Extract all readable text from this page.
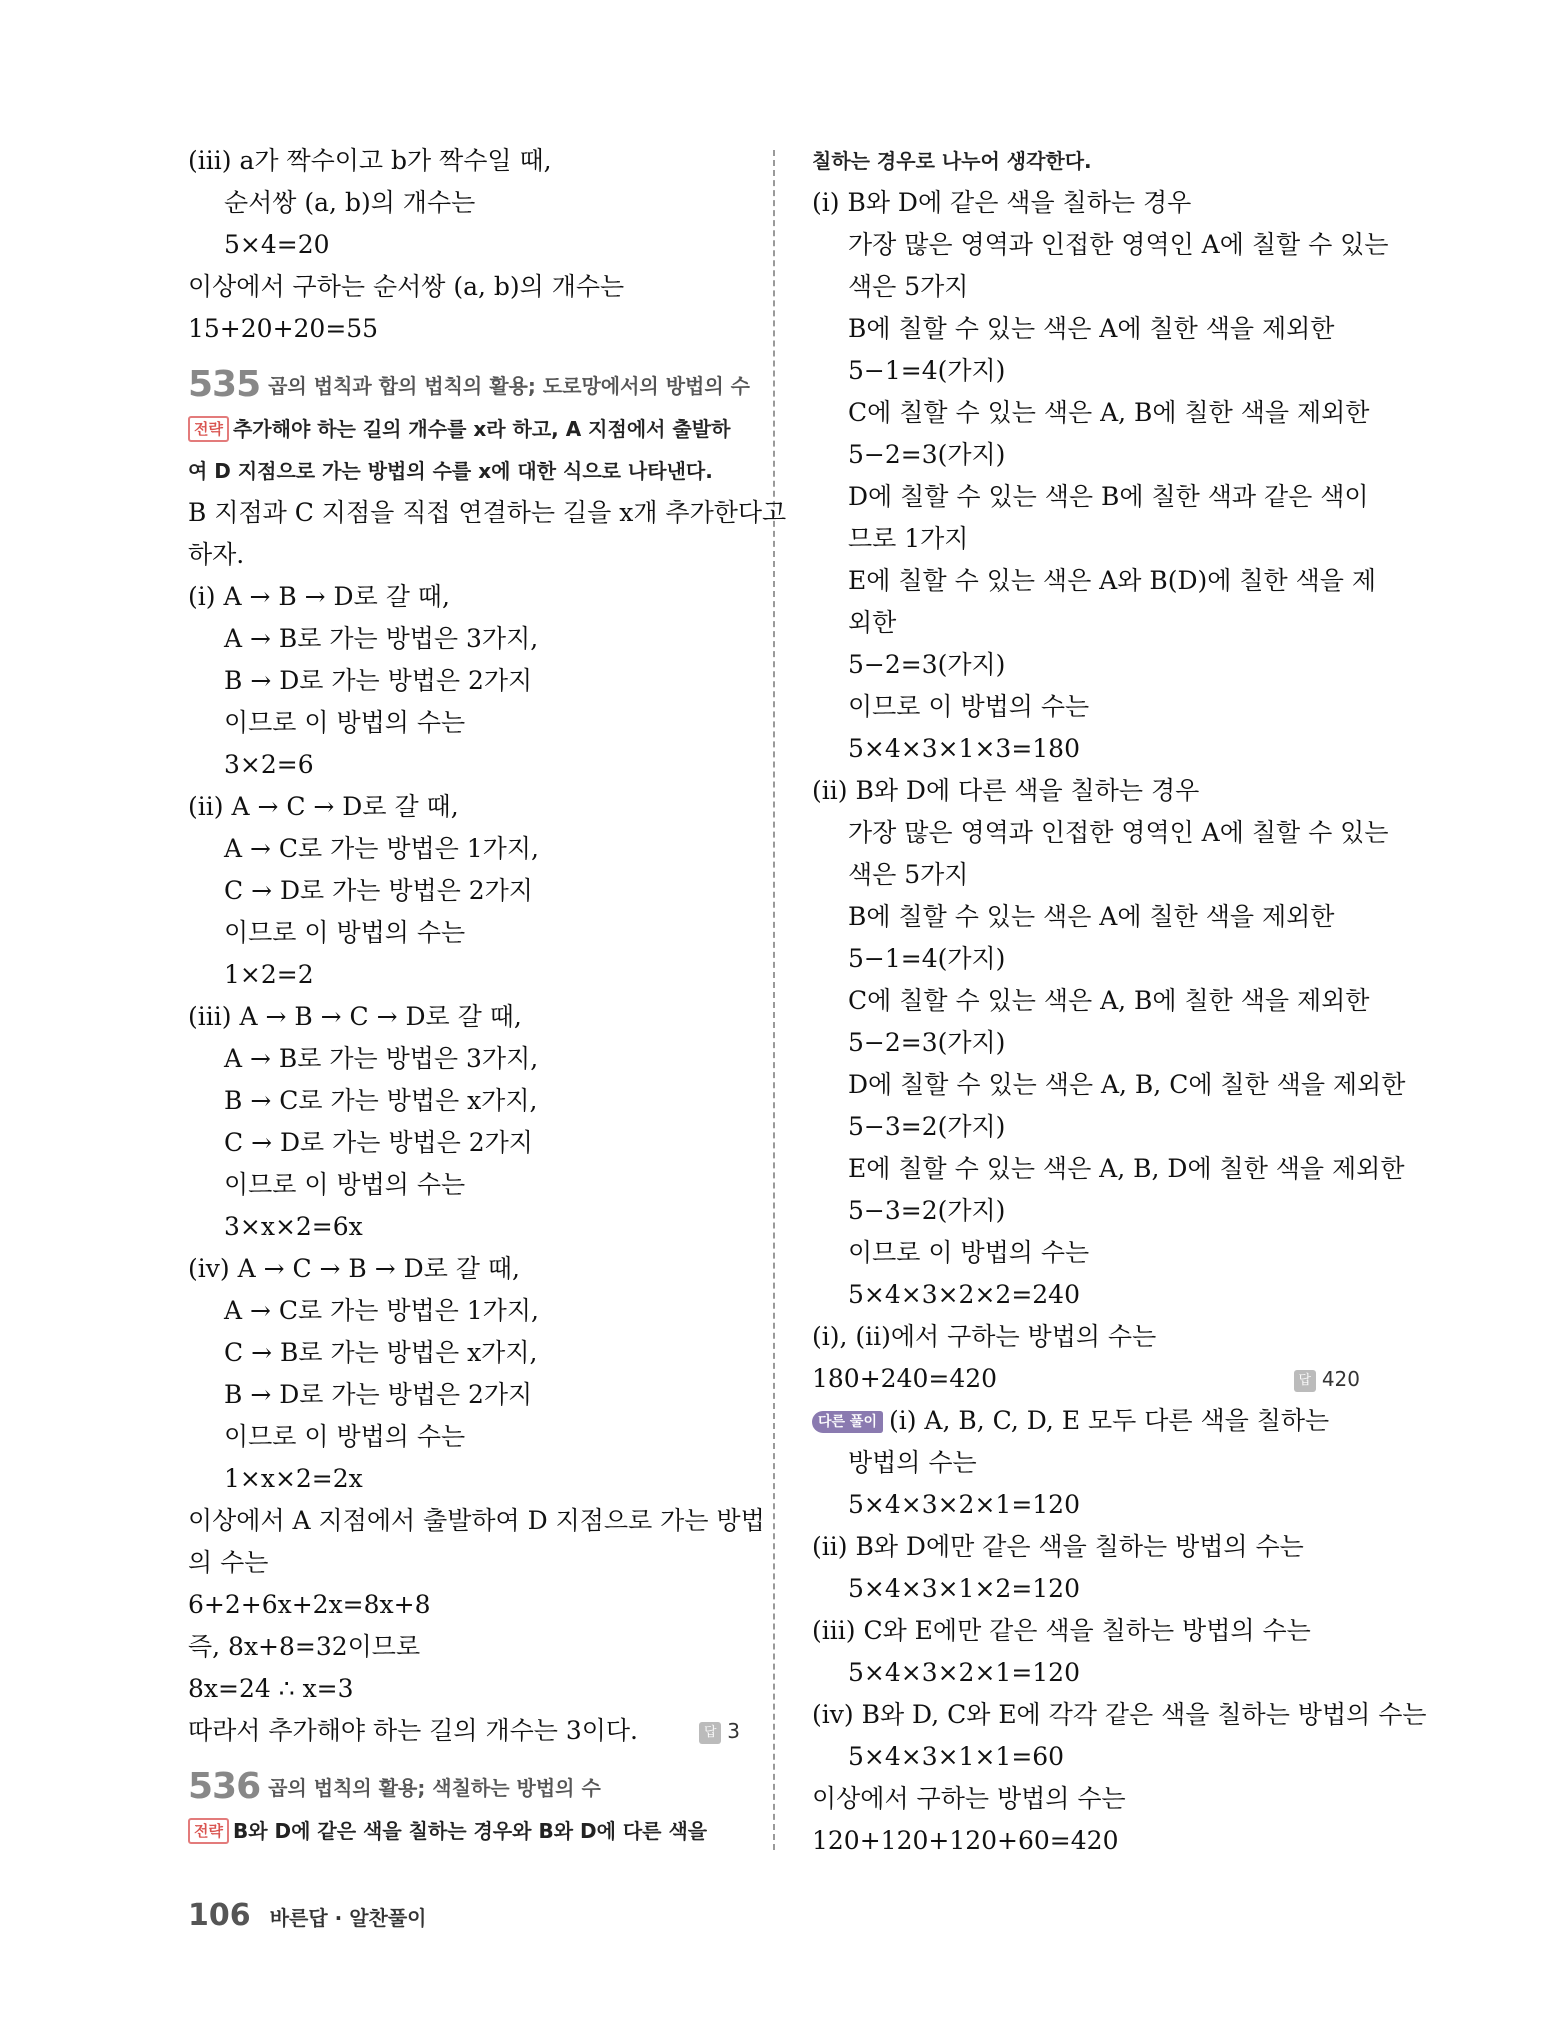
(iii) a가 짝수이고 b가 짝수일 때,
순서쌍 (a, b)의 개수는
5×4=20
이상에서 구하는 순서쌍 (a, b)의 개수는
15+20+20=55
535 곱의 법칙과 합의 법칙의 활용; 도로망에서의 방법의 수
전략 추가해야 하는 길의 개수를 x라 하고, A 지점에서 출발하
여 D 지점으로 가는 방법의 수를 x에 대한 식으로 나타낸다.
B 지점과 C 지점을 직접 연결하는 길을 x개 추가한다고
하자.
(i) A → B → D로 갈 때,
A → B로 가는 방법은 3가지,
B → D로 가는 방법은 2가지
이므로 이 방법의 수는
3×2=6
(ii) A → C → D로 갈 때,
A → C로 가는 방법은 1가지,
C → D로 가는 방법은 2가지
이므로 이 방법의 수는
1×2=2
(iii) A → B → C → D로 갈 때,
A → B로 가는 방법은 3가지,
B → C로 가는 방법은 x가지,
C → D로 가는 방법은 2가지
이므로 이 방법의 수는
3×x×2=6x
(iv) A → C → B → D로 갈 때,
A → C로 가는 방법은 1가지,
C → B로 가는 방법은 x가지,
B → D로 가는 방법은 2가지
이므로 이 방법의 수는
1×x×2=2x
이상에서 A 지점에서 출발하여 D 지점으로 가는 방법
의 수는
6+2+6x+2x=8x+8
즉, 8x+8=32이므로
8x=24 ∴ x=3
따라서 추가해야 하는 길의 개수는 3이다.	답 3
536 곱의 법칙의 활용; 색칠하는 방법의 수
전략 B와 D에 같은 색을 칠하는 경우와 B와 D에 다른 색을
칠하는 경우로 나누어 생각한다.
(i) B와 D에 같은 색을 칠하는 경우
가장 많은 영역과 인접한 영역인 A에 칠할 수 있는
색은 5가지
B에 칠할 수 있는 색은 A에 칠한 색을 제외한
5−1=4(가지)
C에 칠할 수 있는 색은 A, B에 칠한 색을 제외한
5−2=3(가지)
D에 칠할 수 있는 색은 B에 칠한 색과 같은 색이
므로 1가지
E에 칠할 수 있는 색은 A와 B(D)에 칠한 색을 제
외한
5−2=3(가지)
이므로 이 방법의 수는
5×4×3×1×3=180
(ii) B와 D에 다른 색을 칠하는 경우
가장 많은 영역과 인접한 영역인 A에 칠할 수 있는
색은 5가지
B에 칠할 수 있는 색은 A에 칠한 색을 제외한
5−1=4(가지)
C에 칠할 수 있는 색은 A, B에 칠한 색을 제외한
5−2=3(가지)
D에 칠할 수 있는 색은 A, B, C에 칠한 색을 제외한
5−3=2(가지)
E에 칠할 수 있는 색은 A, B, D에 칠한 색을 제외한
5−3=2(가지)
이므로 이 방법의 수는
5×4×3×2×2=240
(i), (ii)에서 구하는 방법의 수는
180+240=420	답 420
다른 풀이 (i) A, B, C, D, E 모두 다른 색을 칠하는
방법의 수는
5×4×3×2×1=120
(ii) B와 D에만 같은 색을 칠하는 방법의 수는
5×4×3×1×2=120
(iii) C와 E에만 같은 색을 칠하는 방법의 수는
5×4×3×2×1=120
(iv) B와 D, C와 E에 각각 같은 색을 칠하는 방법의 수는
5×4×3×1×1=60
이상에서 구하는 방법의 수는
120+120+120+60=420
106 바른답 · 알찬풀이
